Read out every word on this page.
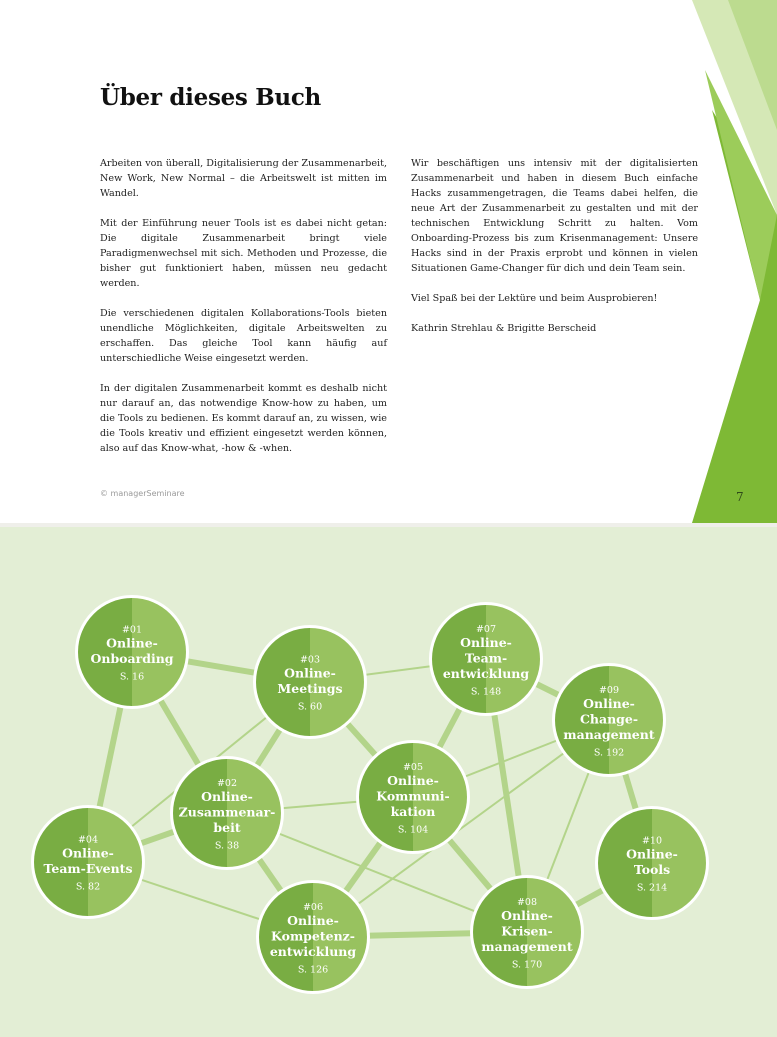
Über dieses Buch

Arbeiten von überall, Digitalisierung der Zusammenarbeit, New Work, New Normal – die Arbeitswelt ist mitten im Wandel.

Mit der Einführung neuer Tools ist es dabei nicht getan: Die digitale Zusammenarbeit bringt viele Paradigmenwechsel mit sich. Methoden und Prozesse, die bisher gut funktioniert haben, müssen neu gedacht werden.

Die verschiedenen digitalen Kollaborations-Tools bieten unendliche Möglichkeiten, digitale Arbeitswelten zu erschaffen. Das gleiche Tool kann häufig auf unterschiedliche Weise eingesetzt werden.

In der digitalen Zusammenarbeit kommt es deshalb nicht nur darauf an, das notwendige Know-how zu haben, um die Tools zu bedienen. Es kommt darauf an, zu wissen, wie die Tools kreativ und effizient eingesetzt werden können, also auf das Know-what, -how & -when.

Wir beschäftigen uns intensiv mit der digitalisierten Zusammenarbeit und haben in diesem Buch einfache Hacks zusammengetragen, die Teams dabei helfen, die neue Art der Zusammenarbeit zu gestalten und mit der technischen Entwicklung Schritt zu halten. Vom Onboarding-Prozess bis zum Krisenmanagement: Unsere Hacks sind in der Praxis erprobt und können in vielen Situationen Game-Changer für dich und dein Team sein.

Viel Spaß bei der Lektüre und beim Ausprobieren!

Kathrin Strehlau & Brigitte Berscheid

© managerSeminare	7
#01
Online-
Onboarding
S. 16
#02
Online-
Zusammenar-
beit
S. 38
#03
Online-
Meetings
S. 60
#04
Online-
Team-Events
S. 82
#05
Online-
Kommuni-
kation
S. 104
#06
Online-
Kompetenz-
entwicklung
S. 126
#07
Online-
Team-
entwicklung
S. 148
#08
Online-
Krisen-
management
S. 170
#09
Online-
Change-
management
S. 192
#10
Online-
Tools
S. 214
